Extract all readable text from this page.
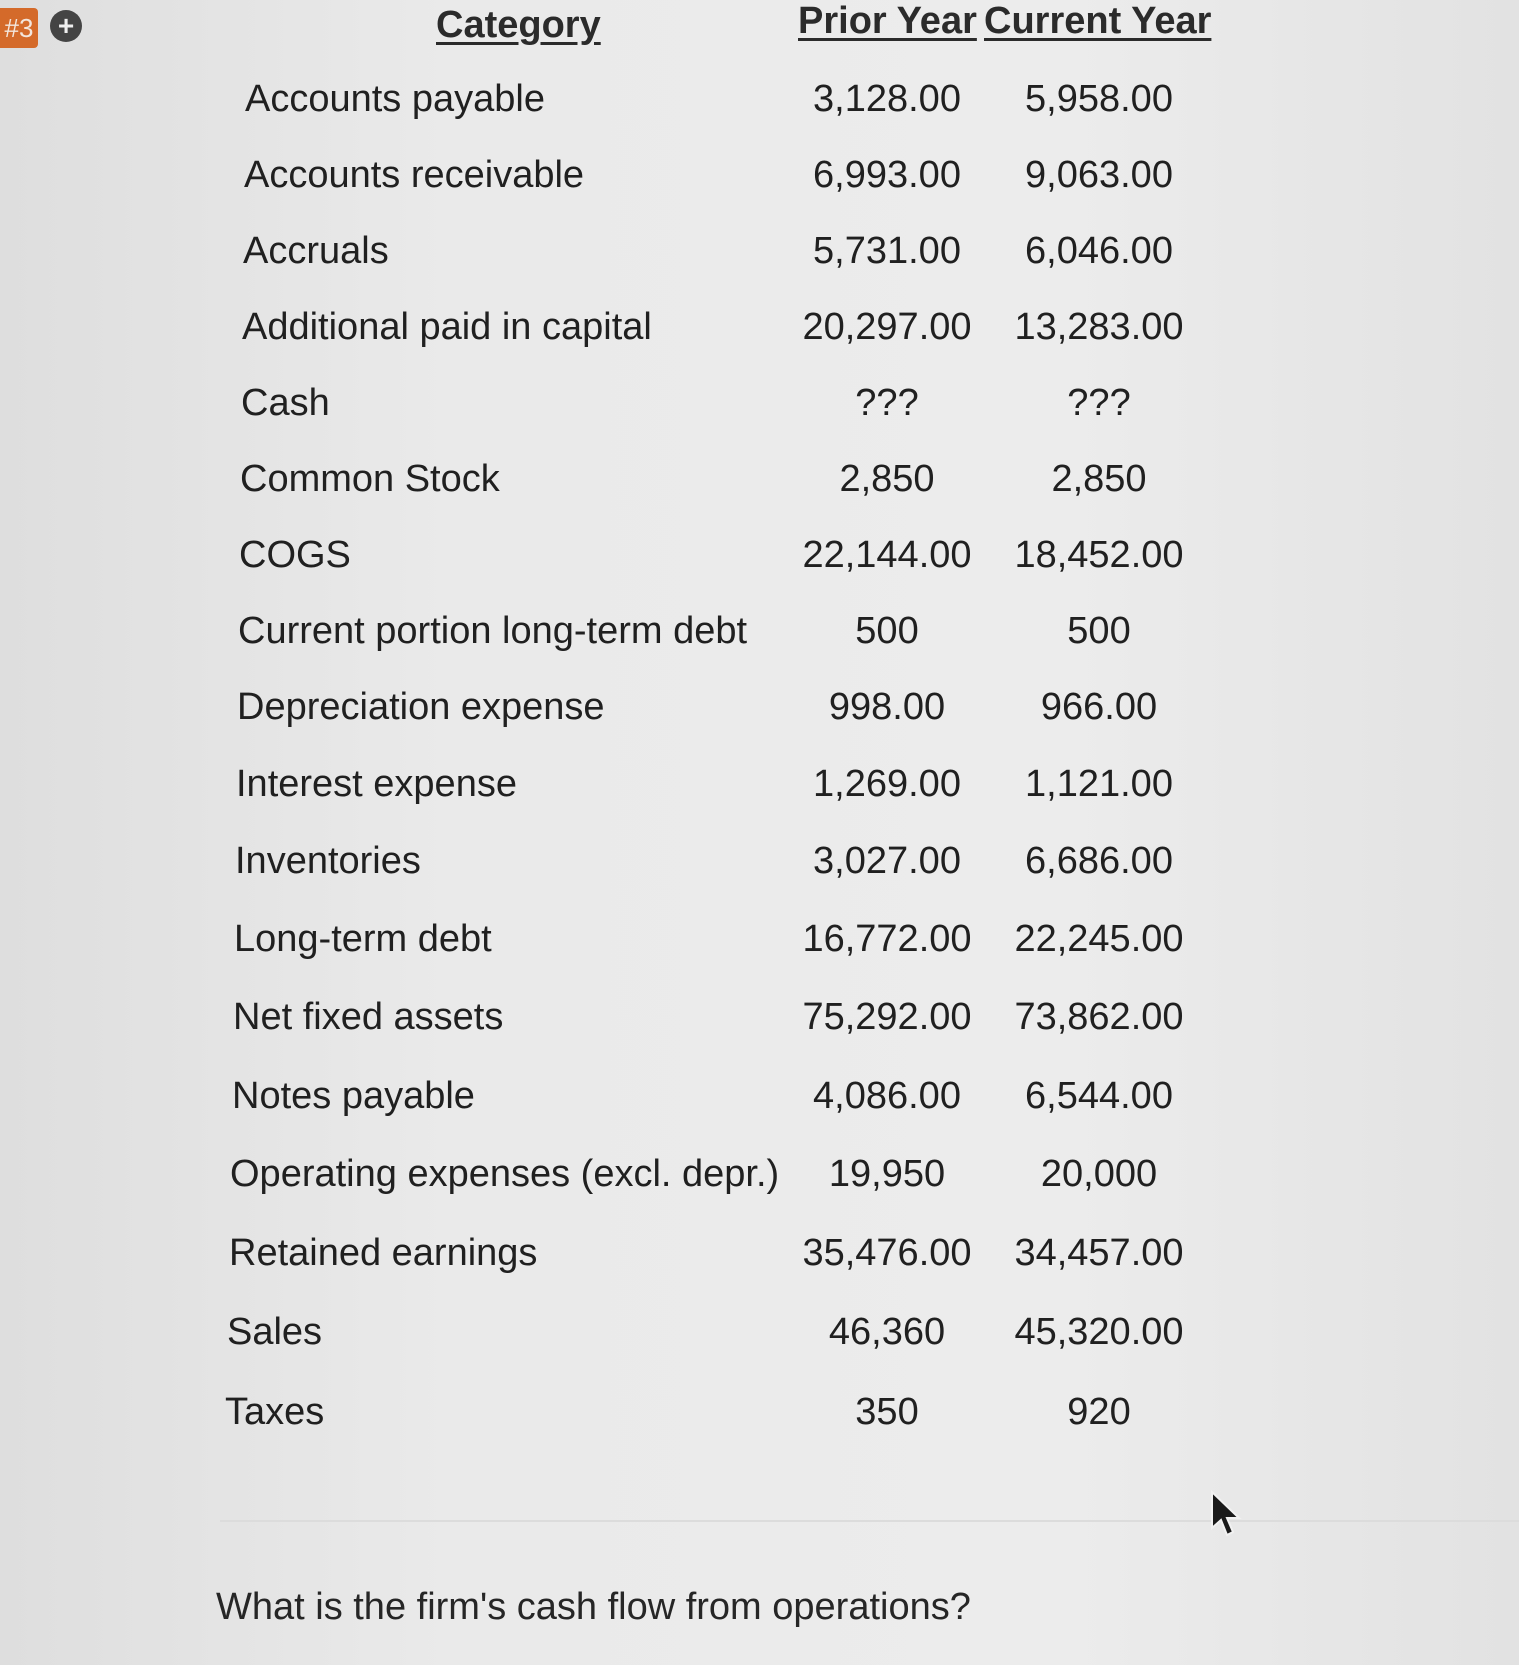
#3 +	Category	Prior Year Current Year
Accounts payable	3,128.00	5,958.00
Accounts receivable	6,993.00	9,063.00
Accruals	5,731.00	6,046.00
Additional paid in capital	20,297.00	13,283.00
Cash	???	???
Common Stock	2,850	2,850
COGS	22,144.00	18,452.00
Current portion long-term debt	500	500
Depreciation expense	998.00	966.00
Interest expense	1,269.00	1,121.00
Inventories	3,027.00	6,686.00
Long-term debt	16,772.00	22,245.00
Net fixed assets	75,292.00	73,862.00
Notes payable	4,086.00	6,544.00
Operating expenses (excl. depr.)	19,950	20,000
Retained earnings	35,476.00	34,457.00
Sales	46,360	45,320.00
Taxes	350	920
What is the firm's cash flow from operations?
